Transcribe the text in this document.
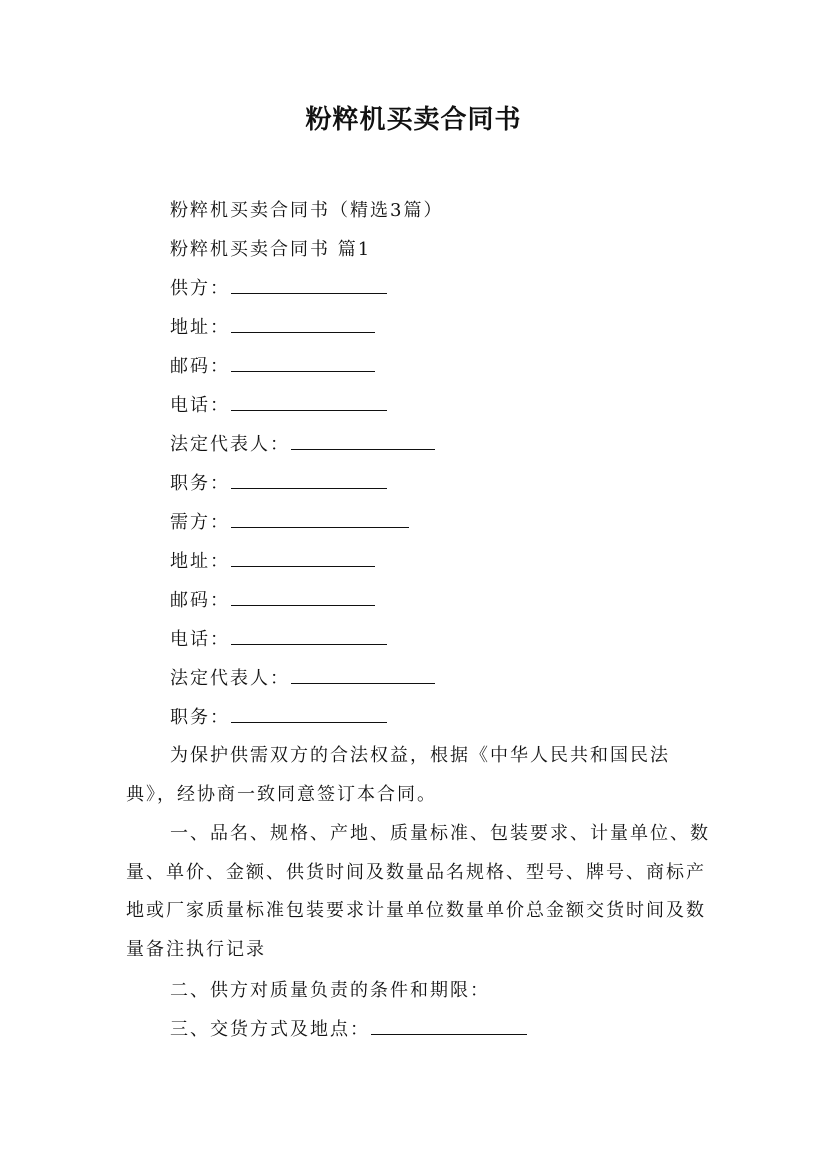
粉粹机买卖合同书
粉粹机买卖合同书（精选3篇）
粉粹机买卖合同书 篇1
供方：
地址：
邮码：
电话：
法定代表人：
职务：
需方：
地址：
邮码：
电话：
法定代表人：
职务：

为保护供需双方的合法权益，根据《中华人民共和国民法典》，经协商一致同意签订本合同。

一、品名、规格、产地、质量标准、包装要求、计量单位、数量、单价、金额、供货时间及数量品名规格、型号、牌号、商标产地或厂家质量标准包装要求计量单位数量单价总金额交货时间及数量备注执行记录

二、供方对质量负责的条件和期限：
三、交货方式及地点：
